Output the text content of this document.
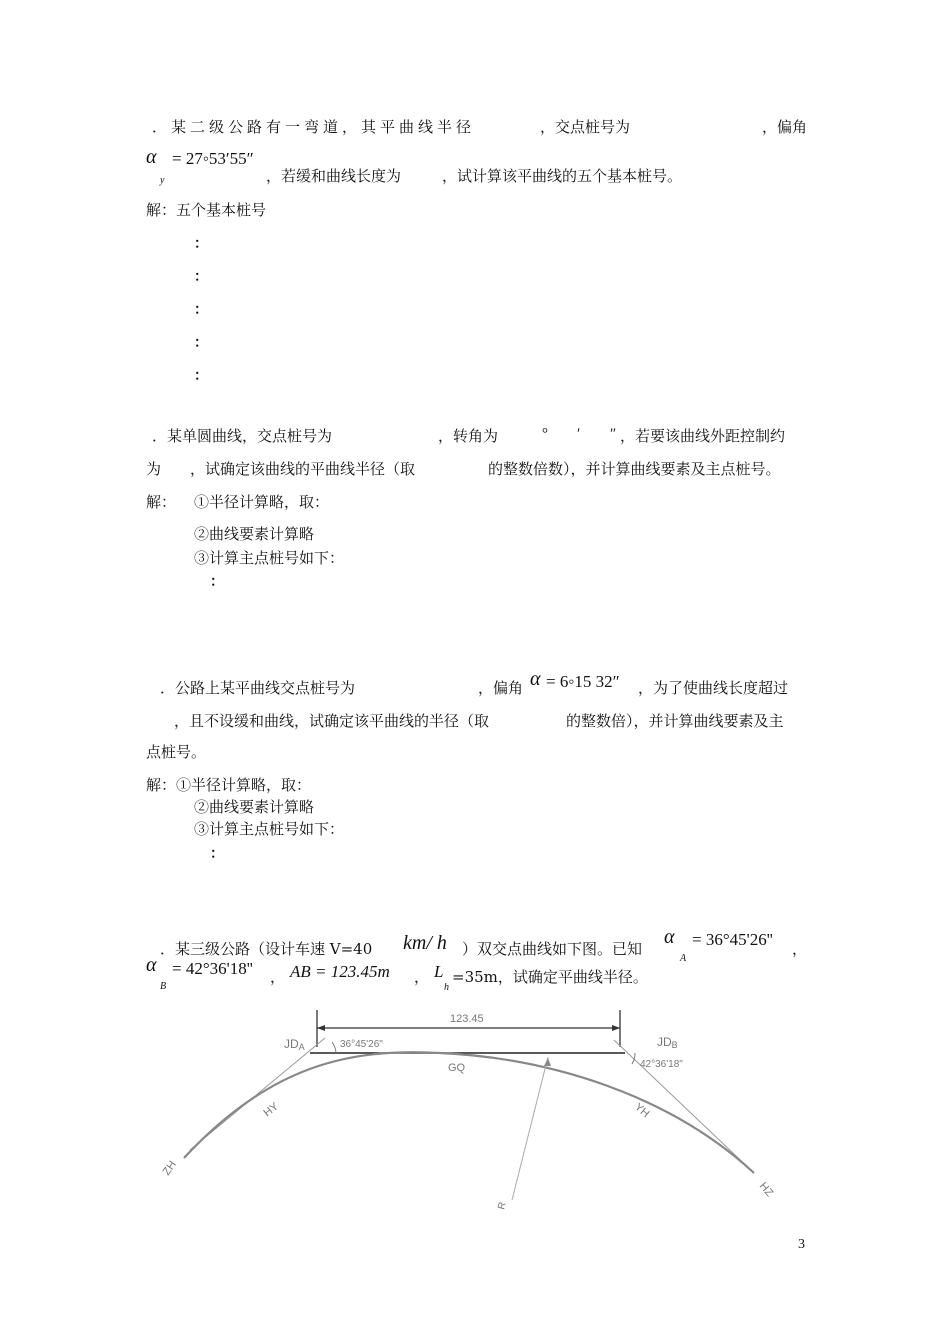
．某二级公路有一弯道，其平曲线半径	，交点桩号为	，偏角
α
y
= 27◦53′55″
，若缓和曲线长度为	，试计算该平曲线的五个基本桩号。
解：五个基本桩号
：
：
：
：
：
．某单圆曲线，交点桩号为	，转角为	° ′ ″ ，若要该曲线外距控制约
为 ，试确定该曲线的平曲线半径（取	的整数倍数），并计算曲线要素及主点桩号。
解： ①半径计算略，取：
②曲线要素计算略
③计算主点桩号如下：
：
．公路上某平曲线交点桩号为	，偏角 α = 6◦15 32″ ，为了使曲线长度超过
，且不设缓和曲线，试确定该平曲线的半径（取	的整数倍），并计算曲线要素及主
点桩号。
解：①半径计算略，取：
②曲线要素计算略
③计算主点桩号如下：
：
．某三级公路（设计车速 V=40 km/ h ）双交点曲线如下图。已知
α
A
= 36°45'26'' ，
α
B
= 42°36'18'' ， AB = 123.45m ， L
h
=35m，试确定平曲线半径。
123.45
JDA	JDB
36°45'26"
42°36'18"
GQ
HY	YH
ZH
HZ
R
3
